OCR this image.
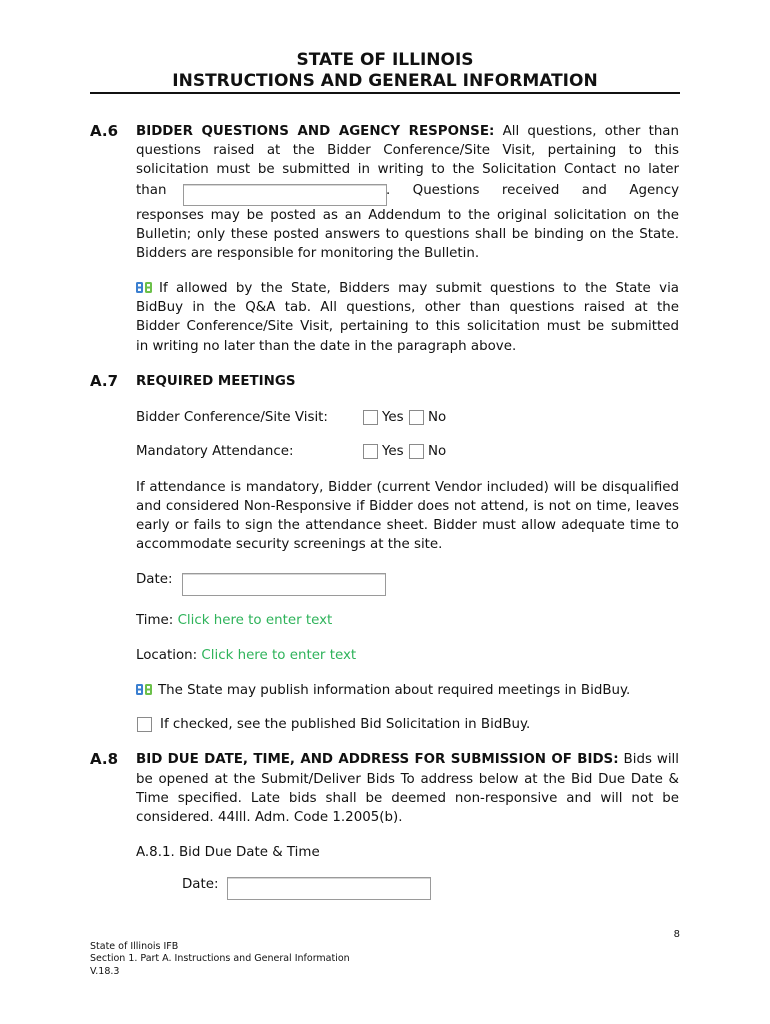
STATE OF ILLINOIS
INSTRUCTIONS AND GENERAL INFORMATION
A.6 BIDDER QUESTIONS AND AGENCY RESPONSE: All questions, other than
questions raised at the Bidder Conference/Site Visit, pertaining to this
solicitation must be submitted in writing to the Solicitation Contact no later
than	. Questions received and Agency
responses may be posted as an Addendum to the original solicitation on the
Bulletin; only these posted answers to questions shall be binding on the State.
Bidders are responsible for monitoring the Bulletin.
If allowed by the State, Bidders may submit questions to the State via
BidBuy in the Q&A tab. All questions, other than questions raised at the
Bidder Conference/Site Visit, pertaining to this solicitation must be submitted
in writing no later than the date in the paragraph above.
A.7 REQUIRED MEETINGS
Bidder Conference/Site Visit:	Yes No
Mandatory Attendance:	Yes No
If attendance is mandatory, Bidder (current Vendor included) will be disqualified
and considered Non-Responsive if Bidder does not attend, is not on time, leaves
early or fails to sign the attendance sheet. Bidder must allow adequate time to
accommodate security screenings at the site.
Date:
Time: Click here to enter text
Location: Click here to enter text
The State may publish information about required meetings in BidBuy.
If checked, see the published Bid Solicitation in BidBuy.
A.8 BID DUE DATE, TIME, AND ADDRESS FOR SUBMISSION OF BIDS: Bids will
be opened at the Submit/Deliver Bids To address below at the Bid Due Date &
Time specified. Late bids shall be deemed non-responsive and will not be
considered. 44Ill. Adm. Code 1.2005(b).
A.8.1. Bid Due Date & Time
Date:
8
State of Illinois IFB
Section 1. Part A. Instructions and General Information
V.18.3
